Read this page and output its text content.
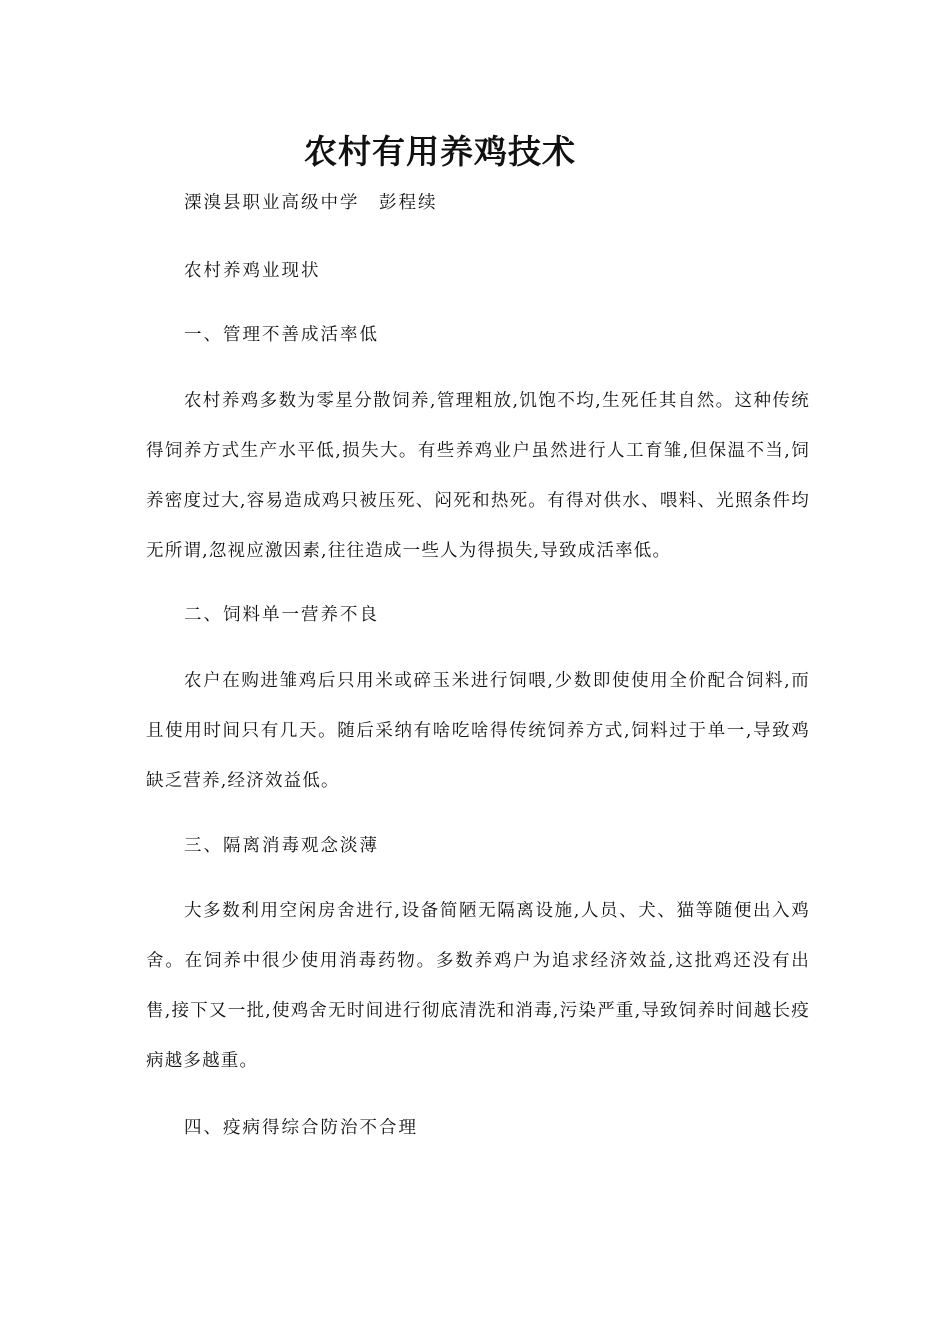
农村有用养鸡技术

溧溴县职业高级中学　彭程续

农村养鸡业现状

一、管理不善成活率低

农村养鸡多数为零星分散饲养,管理粗放,饥饱不均,生死任其自然。这种传统得饲养方式生产水平低,损失大。有些养鸡业户虽然进行人工育雏,但保温不当,饲养密度过大,容易造成鸡只被压死、闷死和热死。有得对供水、喂料、光照条件均无所谓,忽视应激因素,往往造成一些人为得损失,导致成活率低。

二、饲料单一营养不良

农户在购进雏鸡后只用米或碎玉米进行饲喂,少数即使使用全价配合饲料,而且使用时间只有几天。随后采纳有啥吃啥得传统饲养方式,饲料过于单一,导致鸡缺乏营养,经济效益低。

三、隔离消毒观念淡薄

大多数利用空闲房舍进行,设备简陋无隔离设施,人员、犬、猫等随便出入鸡舍。在饲养中很少使用消毒药物。多数养鸡户为追求经济效益,这批鸡还没有出售,接下又一批,使鸡舍无时间进行彻底清洗和消毒,污染严重,导致饲养时间越长疫病越多越重。

四、疫病得综合防治不合理
